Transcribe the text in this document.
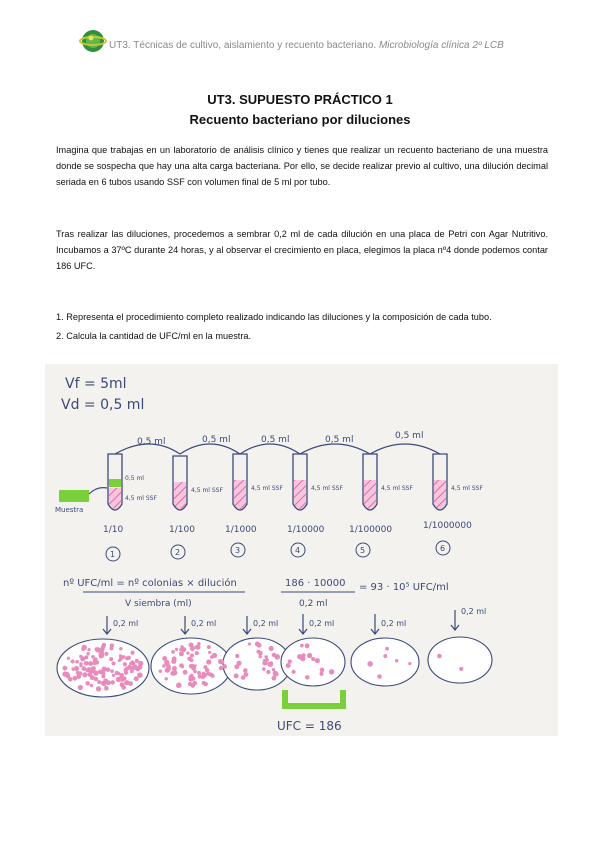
UT3. Técnicas de cultivo, aislamiento y recuento bacteriano. Microbiología clínica 2º LCB
UT3. SUPUESTO PRÁCTICO 1
Recuento bacteriano por diluciones
Imagina que trabajas en un laboratorio de análisis clínico y tienes que realizar un recuento bacteriano de una muestra donde se sospecha que hay una alta carga bacteriana. Por ello, se decide realizar previo al cultivo, una dilución decimal seriada en 6 tubos usando SSF con volumen final de 5 ml por tubo.
Tras realizar las diluciones, procedemos a sembrar 0,2 ml de cada dilución en una placa de Petri con Agar Nutritivo. Incubamos a 37ºC durante 24 horas, y al observar el crecimiento en placa, elegimos la placa nº4 donde podemos contar 186 UFC.
1. Representa el procedimiento completo realizado indicando las diluciones y la composición de cada tubo.
2. Calcula la cantidad de UFC/ml en la muestra.
Vf = 5ml
Vd = 0,5 ml
0,5 ml	0,5 ml	0,5 ml	0,5 ml	0,5 ml
Muestra
0,5 ml
4,5 ml SSF
4,5 ml SSF	4,5 ml SSF	4,5 ml SSF	4,5 ml SSF	4,5 ml SSF
1/10	1/100	1/1000	1/10000	1/100000	1/1000000
1	2	3	4	5	6
nº UFC/ml = nº colonias × dilución
V siembra (ml)
186 · 10000
0,2 ml
= 93 · 10⁵ UFC/ml
0,2 ml	0,2 ml	0,2 ml	0,2 ml	0,2 ml
0,2 ml
UFC = 186
